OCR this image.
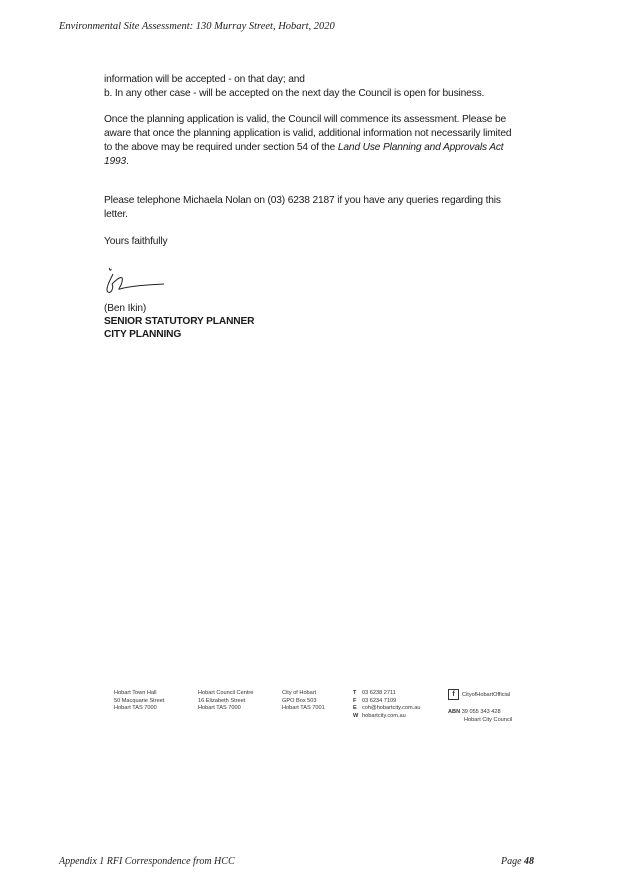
Environmental Site Assessment: 130 Murray Street, Hobart, 2020
information will be accepted - on that day; and
b. In any other case - will be accepted on the next day the Council is open for business.
Once the planning application is valid, the Council will commence its assessment. Please be aware that once the planning application is valid, additional information not necessarily limited to the above may be required under section 54 of the Land Use Planning and Approvals Act 1993.
Please telephone Michaela Nolan on (03) 6238 2187 if you have any queries regarding this letter.
Yours faithfully
(Ben Ikin)
SENIOR STATUTORY PLANNER
CITY PLANNING
Hobart Town Hall
50 Macquarie Street
Hobart TAS 7000
Hobart Council Centre
16 Elizabeth Street
Hobart TAS 7000
City of Hobart
GPO Box 503
Hobart TAS 7001
T 03 6238 2711
F 03 6234 7109
E coh@hobartcity.com.au
W hobartcity.com.au
f CityofHobartOfficial
ABN 39 055 343 428
Hobart City Council
Appendix 1 RFI Correspondence from HCC	Page 48
